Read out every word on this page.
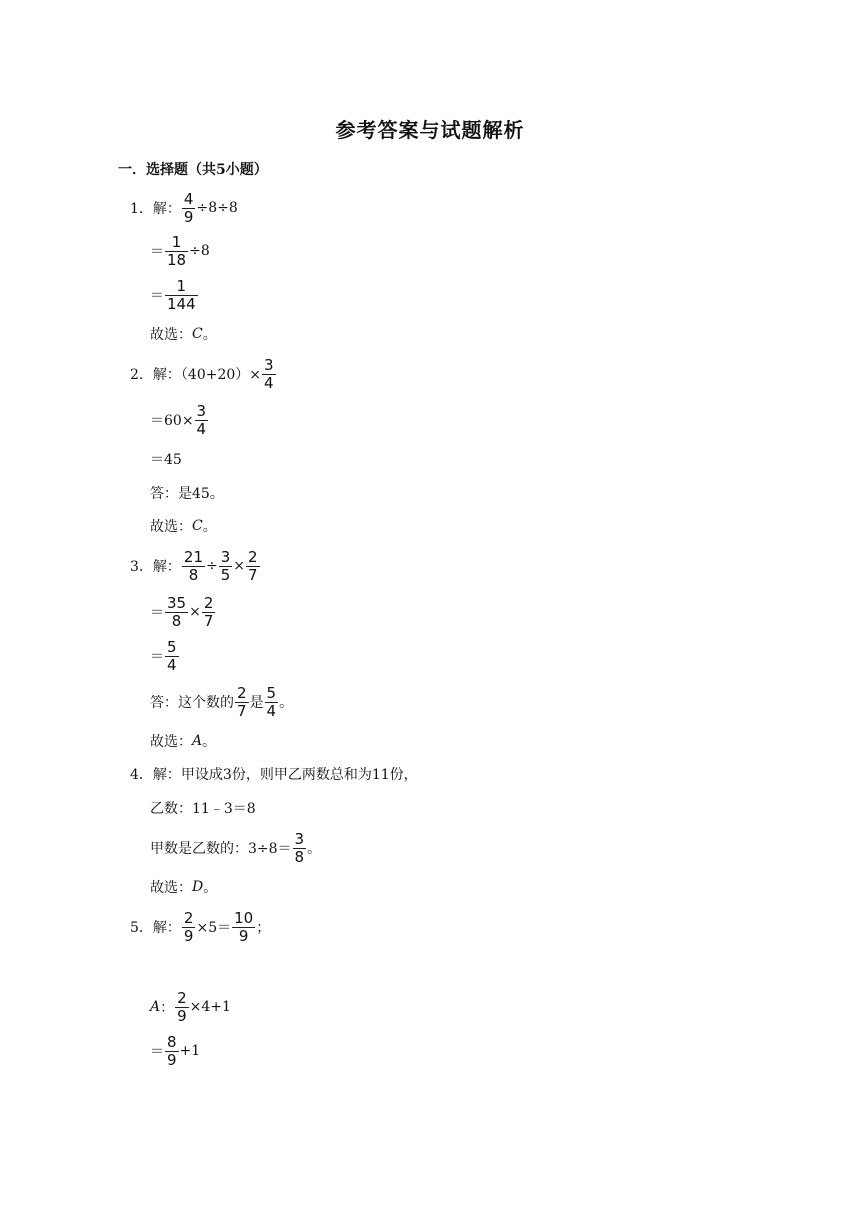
参考答案与试题解析
一．选择题（共5小题）
1．解： $\frac{4}{9} \div 8\div 8$
＝ $\frac{1}{18} \div 8$
＝ $\frac{1}{144}$
故选： C 。
2．解：$(40+20)\times \frac{3}{4}$
$=60\times \frac{3}{4}$
＝45
答：是45。
故选： C 。
3．解： $\frac{21}{8} \div \frac{3}{5} \times \frac{2}{7}$
＝ $\frac{35}{8} \times \frac{2}{7}$
＝ $\frac{5}{4}$
答：这个数的 $\frac{2}{7}$ 是 $\frac{5}{4}$ 。
故选： A 。
4．解：甲设成3份，则甲乙两数总和为11份，
乙数：11﹣3＝8
甲数是乙数的：$3\div 8= \frac{3}{8}$ 。
故选： D 。
5．解： $\frac{2}{9} \times 5= \frac{10}{9}$ ；
A ： $\frac{2}{9} \times 4+1$
＝ $\frac{8}{9} +1$
